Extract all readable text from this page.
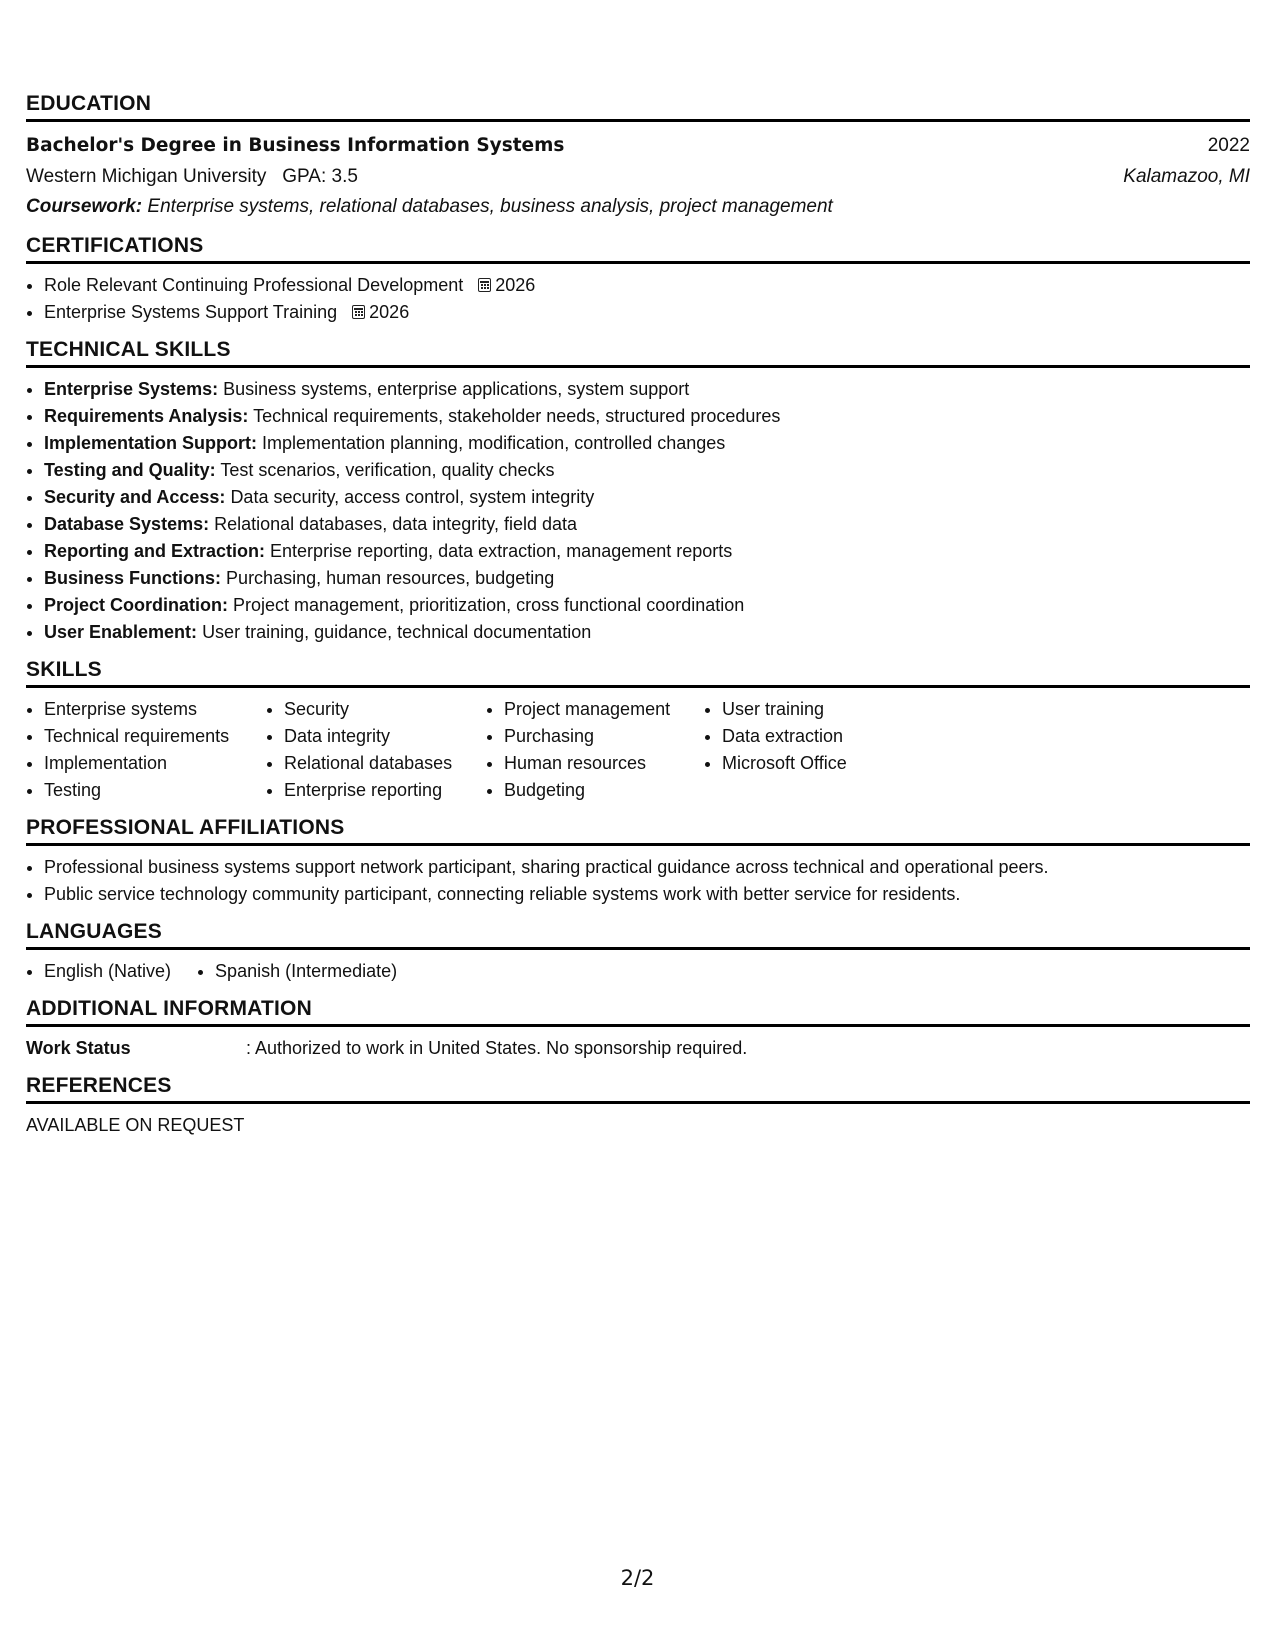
EDUCATION
Bachelor's Degree in Business Information Systems	2022
Western Michigan University GPA: 3.5	Kalamazoo, MI
Coursework: Enterprise systems, relational databases, business analysis, project management
CERTIFICATIONS
• Role Relevant Continuing Professional Development 2026
• Enterprise Systems Support Training 2026
TECHNICAL SKILLS
• Enterprise Systems: Business systems, enterprise applications, system support
• Requirements Analysis: Technical requirements, stakeholder needs, structured procedures
• Implementation Support: Implementation planning, modification, controlled changes
• Testing and Quality: Test scenarios, verification, quality checks
• Security and Access: Data security, access control, system integrity
• Database Systems: Relational databases, data integrity, field data
• Reporting and Extraction: Enterprise reporting, data extraction, management reports
• Business Functions: Purchasing, human resources, budgeting
• Project Coordination: Project management, prioritization, cross functional coordination
• User Enablement: User training, guidance, technical documentation
SKILLS
• Enterprise systems
• Technical requirements
• Implementation
• Testing
• Security
• Data integrity
• Relational databases
• Enterprise reporting
• Project management
• Purchasing
• Human resources
• Budgeting
• User training
• Data extraction
• Microsoft Office
PROFESSIONAL AFFILIATIONS
• Professional business systems support network participant, sharing practical guidance across technical and operational peers.
• Public service technology community participant, connecting reliable systems work with better service for residents.
LANGUAGES
• English (Native)
• Spanish (Intermediate)
ADDITIONAL INFORMATION
Work Status	: Authorized to work in United States. No sponsorship required.
REFERENCES
AVAILABLE ON REQUEST
2/2
